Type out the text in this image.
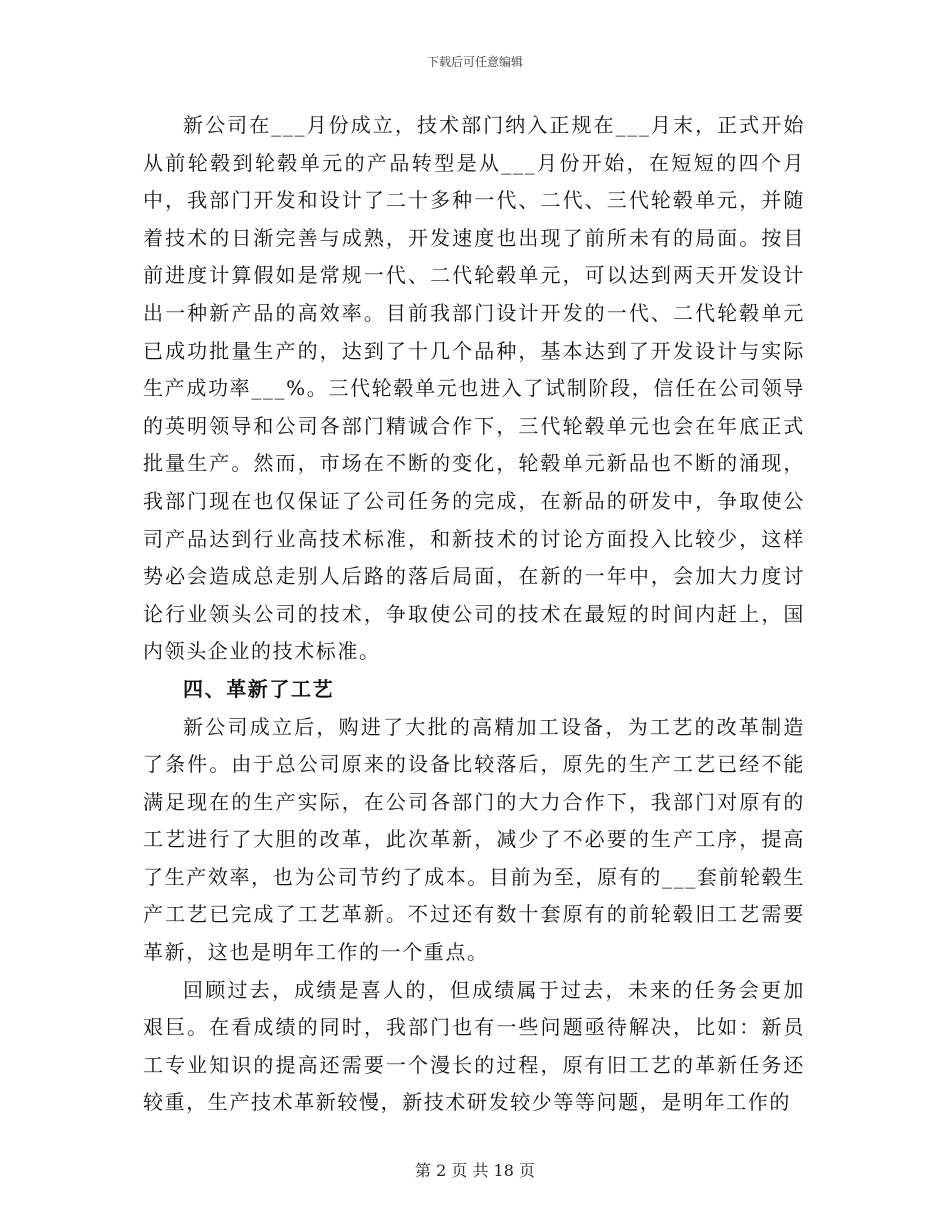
下载后可任意编辑

新公司在___月份成立，技术部门纳入正规在___月末，正式开始从前轮毂到轮毂单元的产品转型是从___月份开始，在短短的四个月中，我部门开发和设计了二十多种一代、二代、三代轮毂单元，并随着技术的日渐完善与成熟，开发速度也出现了前所未有的局面。按目前进度计算假如是常规一代、二代轮毂单元，可以达到两天开发设计出一种新产品的高效率。目前我部门设计开发的一代、二代轮毂单元已成功批量生产的，达到了十几个品种，基本达到了开发设计与实际生产成功率___%。三代轮毂单元也进入了试制阶段，信任在公司领导的英明领导和公司各部门精诚合作下，三代轮毂单元也会在年底正式批量生产。然而，市场在不断的变化，轮毂单元新品也不断的涌现，我部门现在也仅保证了公司任务的完成，在新品的研发中，争取使公司产品达到行业高技术标准，和新技术的讨论方面投入比较少，这样势必会造成总走别人后路的落后局面，在新的一年中，会加大力度讨论行业领头公司的技术，争取使公司的技术在最短的时间内赶上，国内领头企业的技术标准。

四、革新了工艺

新公司成立后，购进了大批的高精加工设备，为工艺的改革制造了条件。由于总公司原来的设备比较落后，原先的生产工艺已经不能满足现在的生产实际，在公司各部门的大力合作下，我部门对原有的工艺进行了大胆的改革，此次革新，减少了不必要的生产工序，提高了生产效率，也为公司节约了成本。目前为至，原有的___套前轮毂生产工艺已完成了工艺革新。不过还有数十套原有的前轮毂旧工艺需要革新，这也是明年工作的一个重点。

回顾过去，成绩是喜人的，但成绩属于过去，未来的任务会更加艰巨。在看成绩的同时，我部门也有一些问题亟待解决，比如：新员工专业知识的提高还需要一个漫长的过程，原有旧工艺的革新任务还较重，生产技术革新较慢，新技术研发较少等等问题，是明年工作的

第 2 页 共 18 页
